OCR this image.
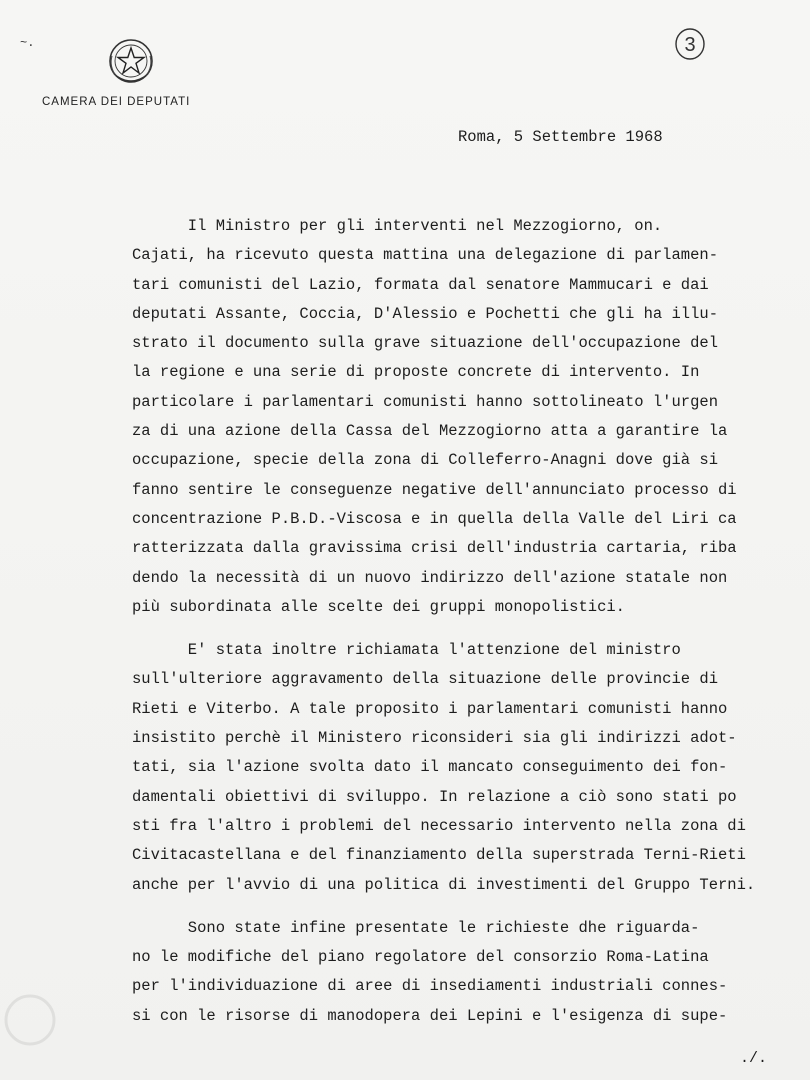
~.
CAMERA DEI DEPUTATI
3
Roma, 5 Settembre 1968
Il Ministro per gli interventi nel Mezzogiorno, on.
Cajati, ha ricevuto questa mattina una delegazione di parlamen-
tari comunisti del Lazio, formata dal senatore Mammucari e dai
deputati Assante, Coccia, D'Alessio e Pochetti che gli ha illu-
strato il documento sulla grave situazione dell'occupazione del
la regione e una serie di proposte concrete di intervento. In
particolare i parlamentari comunisti hanno sottolineato l'urgen
za di una azione della Cassa del Mezzogiorno atta a garantire la
occupazione, specie della zona di Colleferro-Anagni dove già si
fanno sentire le conseguenze negative dell'annunciato processo di
concentrazione P.B.D.-Viscosa e in quella della Valle del Liri ca
ratterizzata dalla gravissima crisi dell'industria cartaria, riba
dendo la necessità di un nuovo indirizzo dell'azione statale non
più subordinata alle scelte dei gruppi monopolistici.
E' stata inoltre richiamata l'attenzione del ministro
sull'ulteriore aggravamento della situazione delle provincie di
Rieti e Viterbo. A tale proposito i parlamentari comunisti hanno
insistito perchè il Ministero riconsideri sia gli indirizzi adot-
tati, sia l'azione svolta dato il mancato conseguimento dei fon-
damentali obiettivi di sviluppo. In relazione a ciò sono stati po
sti fra l'altro i problemi del necessario intervento nella zona di
Civitacastellana e del finanziamento della superstrada Terni-Rieti
anche per l'avvio di una politica di investimenti del Gruppo Terni.
Sono state infine presentate le richieste dhe riguarda-
no le modifiche del piano regolatore del consorzio Roma-Latina
per l'individuazione di aree di insediamenti industriali connes-
si con le risorse di manodopera dei Lepini e l'esigenza di supe-
./.
